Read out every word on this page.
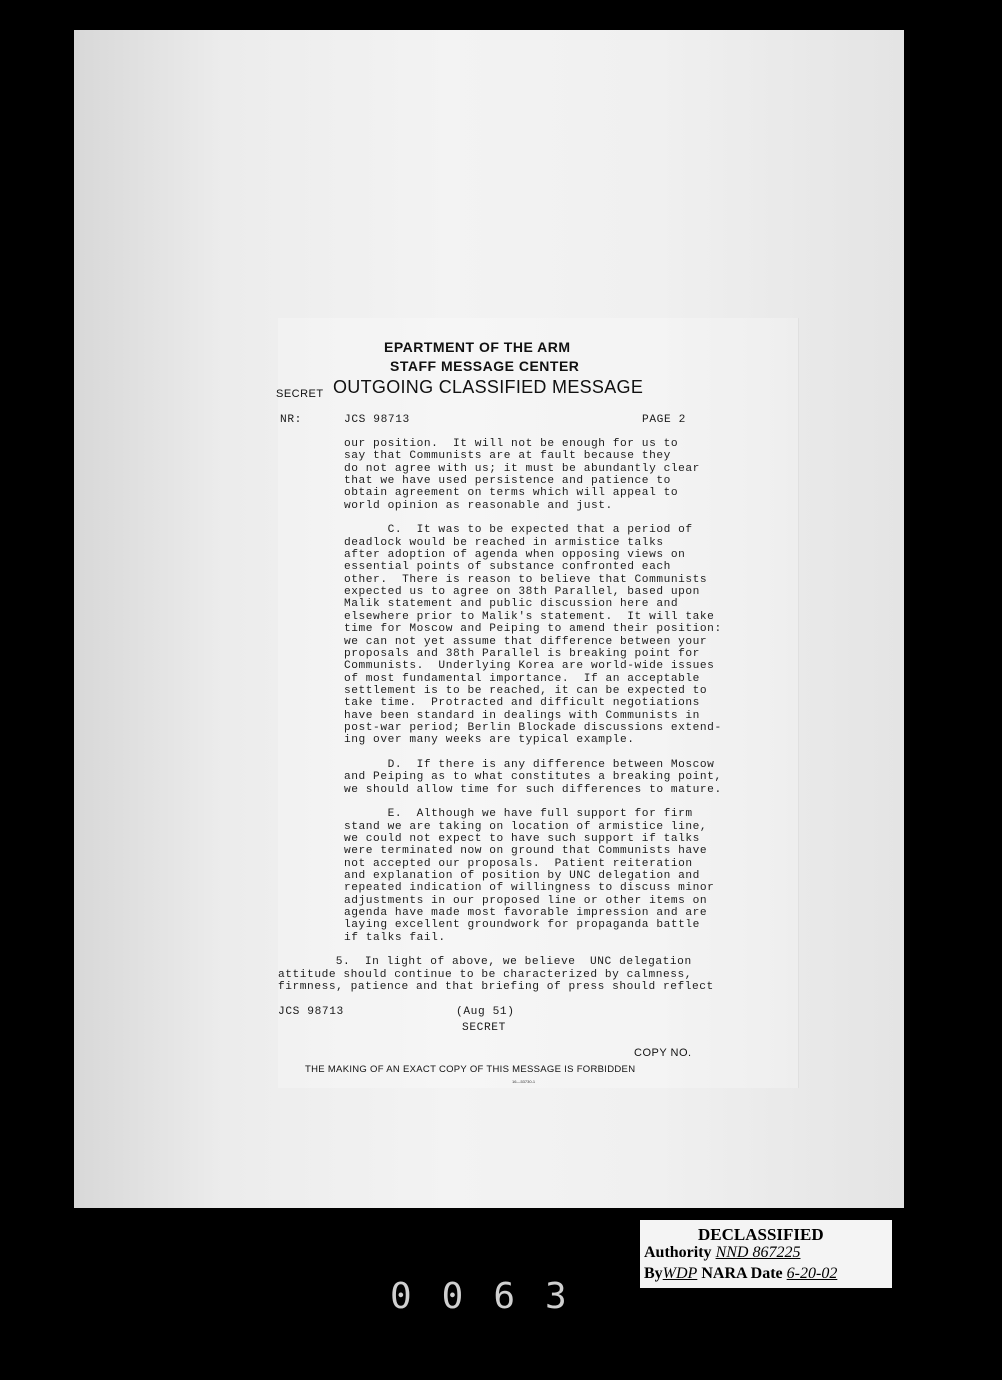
EPARTMENT OF THE ARM
STAFF MESSAGE CENTER
SECRET OUTGOING CLASSIFIED MESSAGE
NR:	JCS 98713	PAGE 2
our position.  It will not be enough for us to
say that Communists are at fault because they
do not agree with us; it must be abundantly clear
that we have used persistence and patience to
obtain agreement on terms which will appeal to
world opinion as reasonable and just.

C.  It was to be expected that a period of
deadlock would be reached in armistice talks
after adoption of agenda when opposing views on
essential points of substance confronted each
other.  There is reason to believe that Communists
expected us to agree on 38th Parallel, based upon
Malik statement and public discussion here and
elsewhere prior to Malik's statement.  It will take
time for Moscow and Peiping to amend their position:
we can not yet assume that difference between your
proposals and 38th Parallel is breaking point for
Communists.  Underlying Korea are world-wide issues
of most fundamental importance.  If an acceptable
settlement is to be reached, it can be expected to
take time.  Protracted and difficult negotiations
have been standard in dealings with Communists in
post-war period; Berlin Blockade discussions extend-
ing over many weeks are typical example.

D.  If there is any difference between Moscow
and Peiping as to what constitutes a breaking point,
we should allow time for such differences to mature.

E.  Although we have full support for firm
stand we are taking on location of armistice line,
we could not expect to have such support if talks
were terminated now on ground that Communists have
not accepted our proposals.  Patient reiteration
and explanation of position by UNC delegation and
repeated indication of willingness to discuss minor
adjustments in our proposed line or other items on
agenda have made most favorable impression and are
laying excellent groundwork for propaganda battle
if talks fail.

5.  In light of above, we believe  UNC delegation
attitude should continue to be characterized by calmness,
firmness, patience and that briefing of press should reflect
JCS 98713	(Aug 51)
SECRET
COPY NO.
THE MAKING OF AN EXACT COPY OF THIS MESSAGE IS FORBIDDEN
16—53730-1
DECLASSIFIED
Authority NND 867225
ByWDP NARA Date 6-20-02
0063
